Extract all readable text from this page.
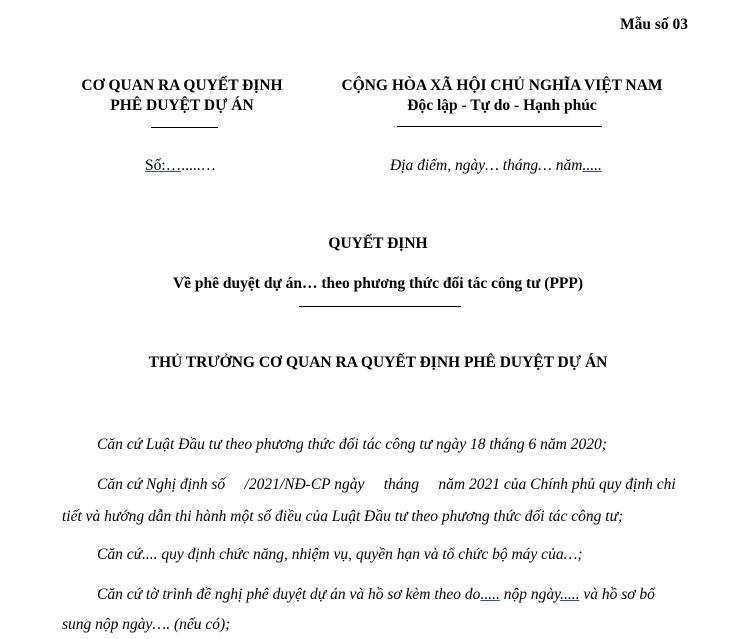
Mẫu số 03
CƠ QUAN RA QUYẾT ĐỊNH
PHÊ DUYỆT DỰ ÁN
CỘNG HÒA XÃ HỘI CHỦ NGHĨA VIỆT NAM
Độc lập - Tự do - Hạnh phúc
Số:….....…	Địa điểm, ngày… tháng… năm.....
QUYẾT ĐỊNH
Về phê duyệt dự án… theo phương thức đối tác công tư (PPP)
THỦ TRƯỞNG CƠ QUAN RA QUYẾT ĐỊNH PHÊ DUYỆT DỰ ÁN
Căn cứ Luật Đầu tư theo phương thức đối tác công tư ngày 18 tháng 6 năm 2020;
Căn cứ Nghị định số     /2021/NĐ-CP ngày     tháng     năm 2021 của Chính phủ quy định chi
tiết và hướng dẫn thi hành một số điều của Luật Đầu tư theo phương thức đối tác công tư;
Căn cứ.... quy định chức năng, nhiệm vụ, quyền hạn và tổ chức bộ máy của…;
Căn cứ tờ trình đề nghị phê duyệt dự án và hồ sơ kèm theo do..... nộp ngày..... và hồ sơ bổ
sung nộp ngày…. (nếu có);
